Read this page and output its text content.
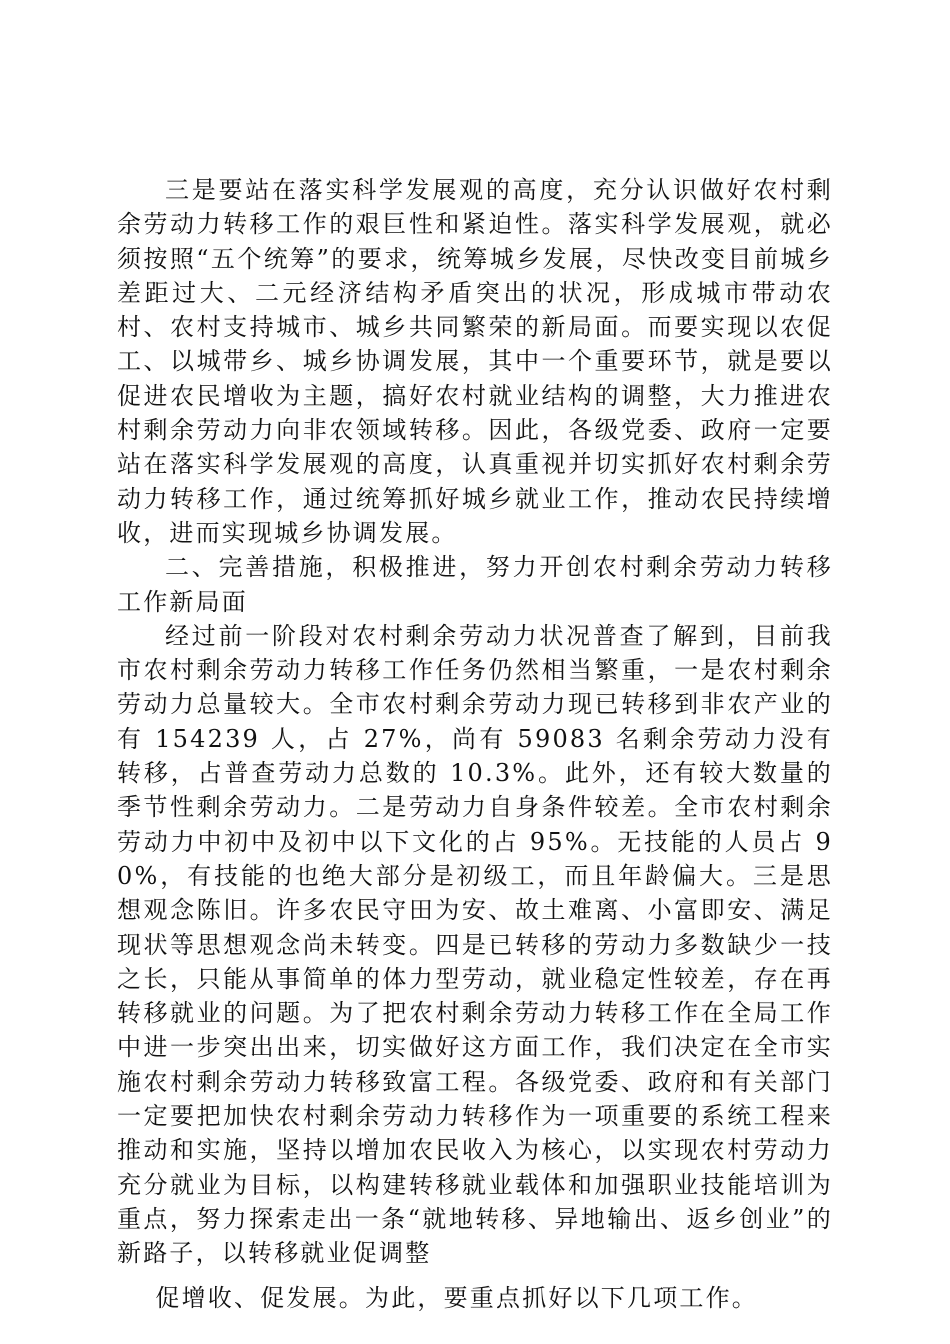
三是要站在落实科学发展观的高度，充分认识做好农村剩余劳动力转移工作的艰巨性和紧迫性。落实科学发展观，就必须按照“五个统筹”的要求，统筹城乡发展，尽快改变目前城乡差距过大、二元经济结构矛盾突出的状况，形成城市带动农村、农村支持城市、城乡共同繁荣的新局面。而要实现以农促工、以城带乡、城乡协调发展，其中一个重要环节，就是要以促进农民增收为主题，搞好农村就业结构的调整，大力推进农村剩余劳动力向非农领域转移。因此，各级党委、政府一定要站在落实科学发展观的高度，认真重视并切实抓好农村剩余劳动力转移工作，通过统筹抓好城乡就业工作，推动农民持续增收，进而实现城乡协调发展。

二、完善措施，积极推进，努力开创农村剩余劳动力转移工作新局面

经过前一阶段对农村剩余劳动力状况普查了解到，目前我市农村剩余劳动力转移工作任务仍然相当繁重，一是农村剩余劳动力总量较大。全市农村剩余劳动力现已转移到非农产业的有 154239 人，占 27%，尚有 59083 名剩余劳动力没有转移，占普查劳动力总数的 10.3%。此外，还有较大数量的季节性剩余劳动力。二是劳动力自身条件较差。全市农村剩余劳动力中初中及初中以下文化的占 95%。无技能的人员占 90%，有技能的也绝大部分是初级工，而且年龄偏大。三是思想观念陈旧。许多农民守田为安、故土难离、小富即安、满足现状等思想观念尚未转变。四是已转移的劳动力多数缺少一技之长，只能从事简单的体力型劳动，就业稳定性较差，存在再转移就业的问题。为了把农村剩余劳动力转移工作在全局工作中进一步突出出来，切实做好这方面工作，我们决定在全市实施农村剩余劳动力转移致富工程。各级党委、政府和有关部门一定要把加快农村剩余劳动力转移作为一项重要的系统工程来推动和实施，坚持以增加农民收入为核心，以实现农村劳动力充分就业为目标，以构建转移就业载体和加强职业技能培训为重点，努力探索走出一条“就地转移、异地输出、返乡创业”的新路子，以转移就业促调整

促增收、促发展。为此，要重点抓好以下几项工作。
